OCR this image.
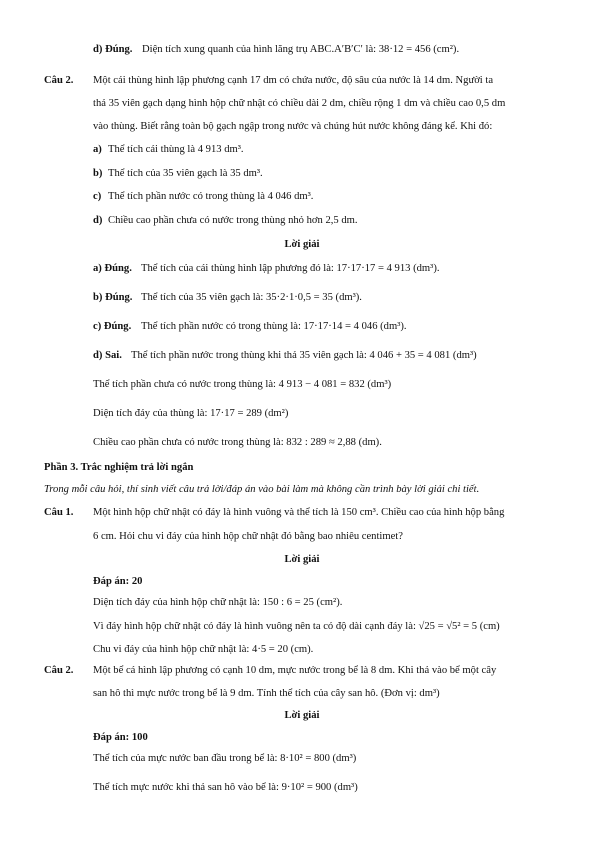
d) Đúng. Diện tích xung quanh của hình lăng trụ ABC.A′B′C′ là: 38·12 = 456 (cm²).
Câu 2. Một cái thùng hình lập phương cạnh 17 dm có chứa nước, độ sâu của nước là 14 dm. Người ta
thả 35 viên gạch dạng hình hộp chữ nhật có chiều dài 2 dm, chiều rộng 1 dm và chiều cao 0,5 dm
vào thùng. Biết rằng toàn bộ gạch ngập trong nước và chúng hút nước không đáng kể. Khi đó:
a) Thể tích cái thùng là 4 913 dm³.
b) Thể tích của 35 viên gạch là 35 dm³.
c) Thể tích phần nước có trong thùng là 4 046 dm³.
d) Chiều cao phần chưa có nước trong thùng nhỏ hơn 2,5 dm.
Lời giải
a) Đúng. Thể tích của cái thùng hình lập phương đó là: 17·17·17 = 4 913 (dm³).
b) Đúng. Thể tích của 35 viên gạch là: 35·2·1·0,5 = 35 (dm³).
c) Đúng. Thể tích phần nước có trong thùng là: 17·17·14 = 4 046 (dm³).
d) Sai. Thể tích phần nước trong thùng khi thả 35 viên gạch là: 4 046 + 35 = 4 081 (dm³)
Thể tích phần chưa có nước trong thùng là: 4 913 − 4 081 = 832 (dm³)
Diện tích đáy của thùng là: 17·17 = 289 (dm²)
Chiều cao phần chưa có nước trong thùng là: 832 : 289 ≈ 2,88 (dm).
Phần 3. Trắc nghiệm trả lời ngắn
Trong mỗi câu hỏi, thí sinh viết câu trả lời/đáp án vào bài làm mà không cần trình bày lời giải chi tiết.
Câu 1. Một hình hộp chữ nhật có đáy là hình vuông và thể tích là 150 cm³. Chiều cao của hình hộp bằng
6 cm. Hỏi chu vi đáy của hình hộp chữ nhật đó bằng bao nhiêu centimet?
Lời giải
Đáp án: 20
Diện tích đáy của hình hộp chữ nhật là: 150 : 6 = 25 (cm²).
Vì đáy hình hộp chữ nhật có đáy là hình vuông nên ta có độ dài cạnh đáy là: √25 = √5² = 5 (cm)
Chu vi đáy của hình hộp chữ nhật là: 4·5 = 20 (cm).
Câu 2. Một bể cá hình lập phương có cạnh 10 dm, mực nước trong bể là 8 dm. Khi thả vào bể một cây
san hô thì mực nước trong bể là 9 dm. Tính thể tích của cây san hô. (Đơn vị: dm³)
Lời giải
Đáp án: 100
Thể tích của mực nước ban đầu trong bể là: 8·10² = 800 (dm³)
Thể tích mực nước khi thả san hô vào bể là: 9·10² = 900 (dm³)
